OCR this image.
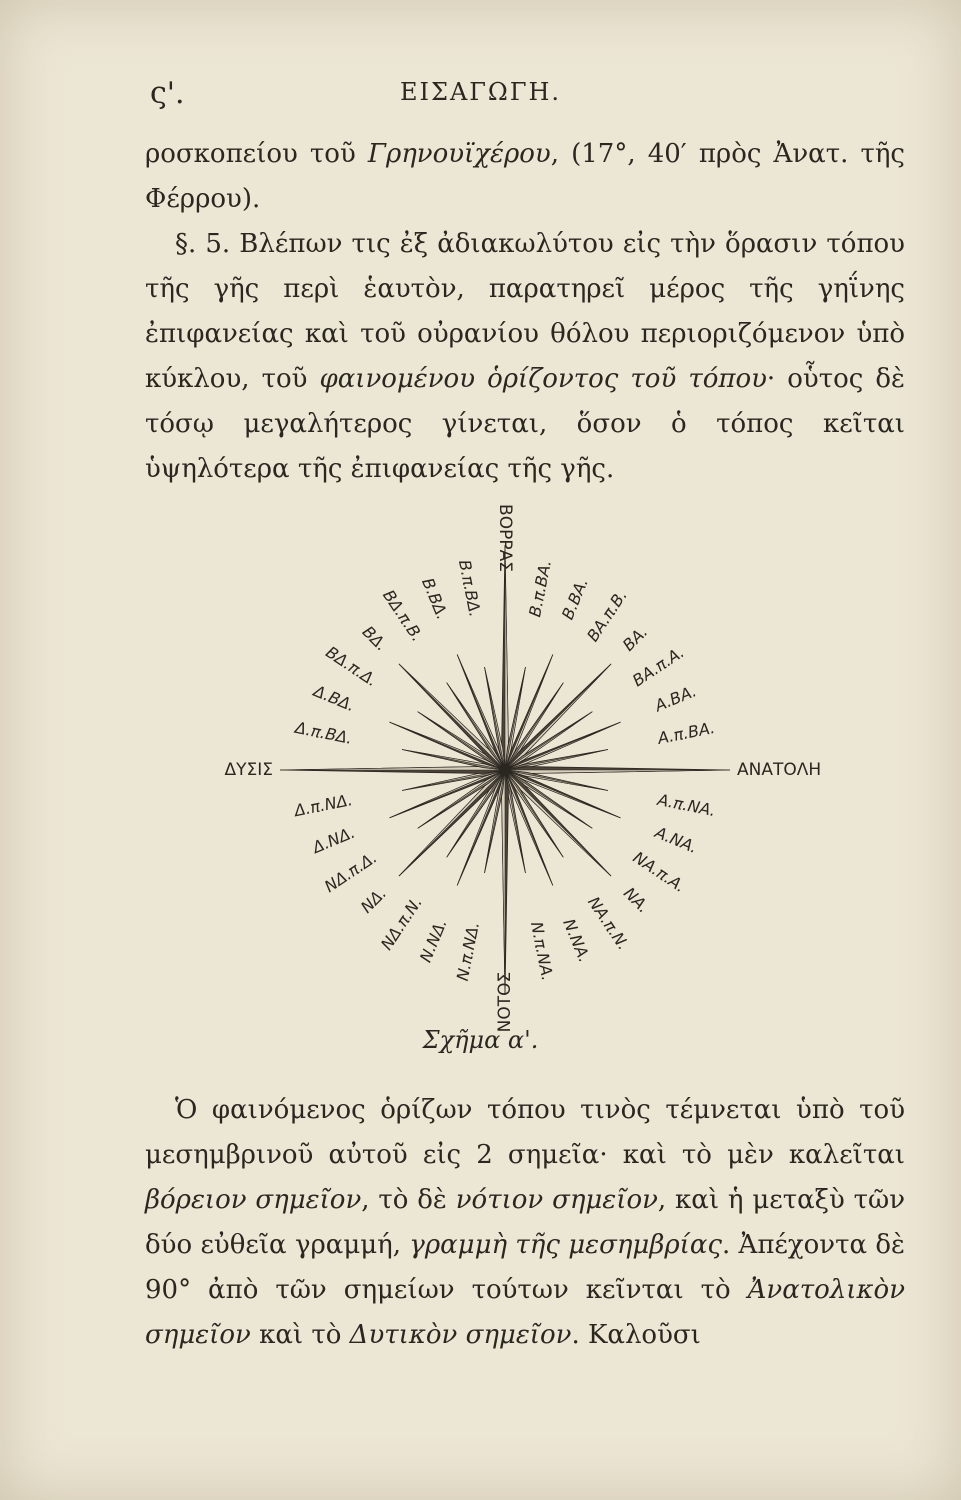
ς'.	ΕΙΣΑΓΩΓΗ.

ροσκοπείου τοῦ Γρηνουϊχέρου, (17°, 40′ πρὸς Ἀνατ. τῆς Φέρρου).

§. 5. Βλέπων τις ἐξ ἀδιακωλύτου εἰς τὴν ὅρασιν τόπου τῆς γῆς περὶ ἑαυτὸν, παρατηρεῖ μέρος τῆς γηΐνης ἐπιφανείας καὶ τοῦ οὐρανίου θόλου περιοριζόμενον ὑπὸ κύκλου, τοῦ φαινομένου ὁρίζοντος τοῦ τόπου· οὗτος δὲ τόσῳ μεγαλήτερος γίνεται, ὅσον ὁ τόπος κεῖται ὑψηλότερα τῆς ἐπιφανείας τῆς γῆς.

ΒΟΡΡΑΣ
Β.π.ΒΑ. Β.ΒΑ.
ΒΑ.π.Β.
ΒΑ.
ΒΑ.π.Α.
Α.ΒΑ.
Α.π.ΒΑ.
ΑΝΑΤΟΛΗ
Α.π.ΝΑ.
Α.ΝΑ.
ΝΑ.π.Α.
ΝΑ.
ΝΑ.π.Ν.
Ν.ΝΑ.
Ν.π.ΝΑ.
ΝΟΤΟΣ
Ν.π.ΝΔ.
Ν.ΝΔ.
ΝΔ.π.Ν.
ΝΔ.
ΝΔ.π.Δ.
Δ.ΝΔ.
Δ.π.ΝΔ.
ΔΥΣΙΣ
Δ.π.ΒΔ.
Δ.ΒΔ.
ΒΔ.π.Δ.
ΒΔ.
ΒΔ.π.Β.
Β.ΒΔ. Β.π.ΒΔ.
Σχῆμα α'.

Ὁ φαινόμενος ὁρίζων τόπου τινὸς τέμνεται ὑπὸ τοῦ μεσημβρινοῦ αὐτοῦ εἰς 2 σημεῖα· καὶ τὸ μὲν καλεῖται βόρειον σημεῖον, τὸ δὲ νότιον σημεῖον, καὶ ἡ μεταξὺ τῶν δύο εὐθεῖα γραμμή, γραμμὴ τῆς μεσημβρίας. Ἀπέχοντα δὲ 90° ἀπὸ τῶν σημείων τούτων κεῖνται τὸ Ἀνατολικὸν σημεῖον καὶ τὸ Δυτικὸν σημεῖον. Καλοῦσι
